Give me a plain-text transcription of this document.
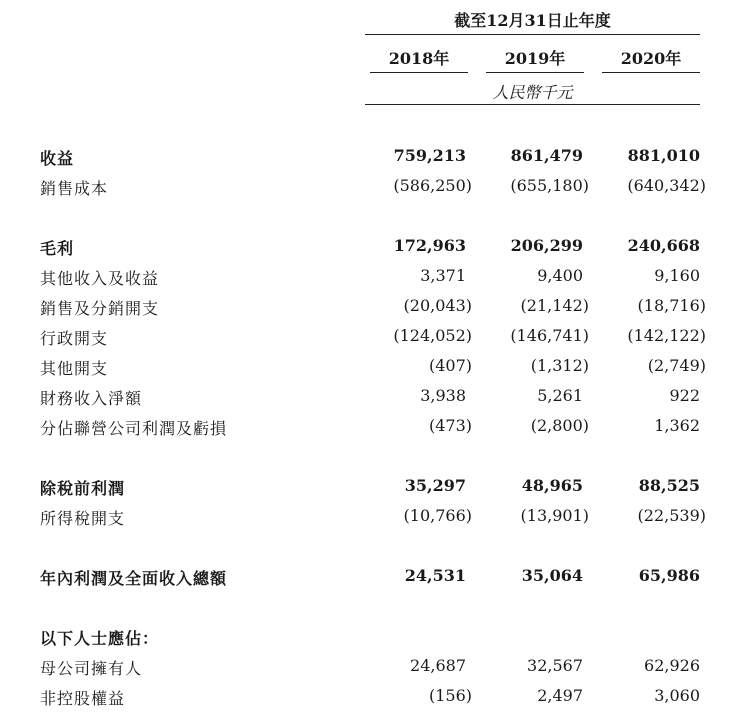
截至12月31日止年度
2018年	2019年	2020年
人民幣千元
收益	759,213	861,479	881,010
銷售成本	(586,250) (655,180) (640,342)
毛利	172,963	206,299	240,668
其他收入及收益	3,371	9,400	9,160
銷售及分銷開支	(20,043)	(21,142)	(18,716)
行政開支	(124,052) (146,741) (142,122)
其他開支	(407)	(1,312)	(2,749)
財務收入淨額	3,938	5,261	922
分佔聯營公司利潤及虧損	(473)	(2,800)	1,362
除稅前利潤	35,297	48,965	88,525
所得稅開支	(10,766)	(13,901)	(22,539)
年內利潤及全面收入總額	24,531	35,064	65,986
以下人士應佔：
母公司擁有人	24,687	32,567	62,926
非控股權益	(156)	2,497	3,060
